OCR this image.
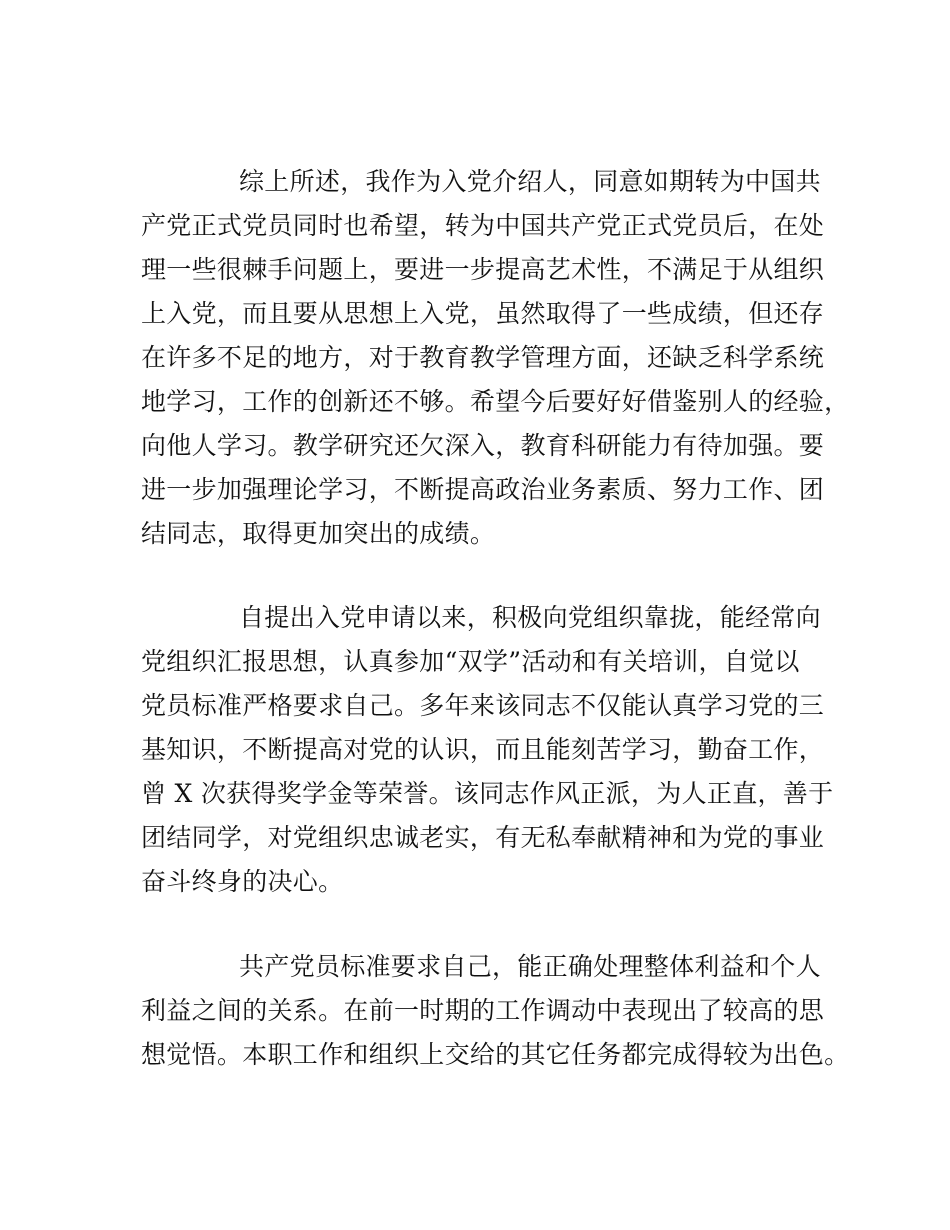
综上所述，我作为入党介绍人，同意如期转为中国共
产党正式党员同时也希望，转为中国共产党正式党员后，在处
理一些很棘手问题上，要进一步提高艺术性，不满足于从组织
上入党，而且要从思想上入党，虽然取得了一些成绩，但还存
在许多不足的地方，对于教育教学管理方面，还缺乏科学系统
地学习，工作的创新还不够。希望今后要好好借鉴别人的经验，
向他人学习。教学研究还欠深入，教育科研能力有待加强。要
进一步加强理论学习，不断提高政治业务素质、努力工作、团
结同志，取得更加突出的成绩。

自提出入党申请以来，积极向党组织靠拢，能经常向
党组织汇报思想，认真参加“双学”活动和有关培训，自觉以
党员标准严格要求自己。多年来该同志不仅能认真学习党的三
基知识，不断提高对党的认识，而且能刻苦学习，勤奋工作，
曾 X 次获得奖学金等荣誉。该同志作风正派，为人正直，善于
团结同学，对党组织忠诚老实，有无私奉献精神和为党的事业
奋斗终身的决心。

共产党员标准要求自己，能正确处理整体利益和个人
利益之间的关系。在前一时期的工作调动中表现出了较高的思
想觉悟。本职工作和组织上交给的其它任务都完成得较为出色。
